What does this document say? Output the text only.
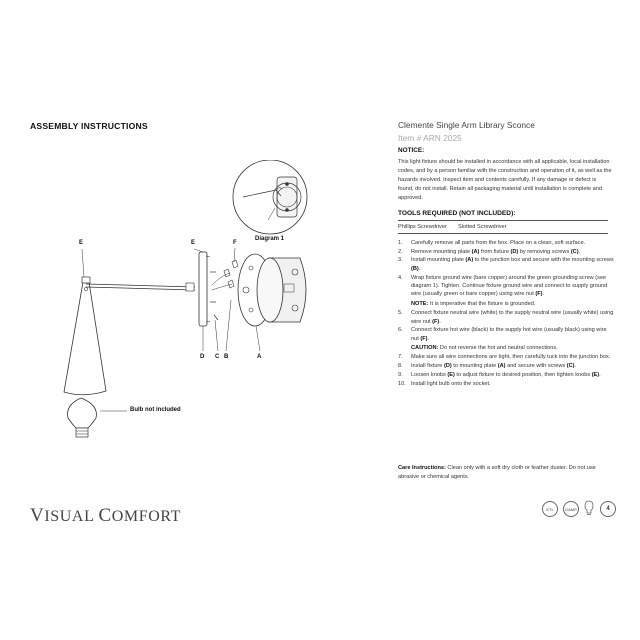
ASSEMBLY INSTRUCTIONS
Diagram 1
E	E	F
D C B	A
Bulb not included
VISUAL COMFORT
Clemente Single Arm Library Sconce
Item # ARN 2025
NOTICE:
This light fixture should be installed in accordance with all applicable, local installation codes, and by a person familiar with the construction and operation of it, as well as the hazards involved. Inspect item and contents carefully. If any damage or defect is found, do not install. Retain all packaging material until installation is complete and approved.
TOOLS REQUIRED (NOT INCLUDED):
Phillips Screwdriver Slotted Screwdriver
1. Carefully remove all parts from the box. Place on a clean, soft surface.
2. Remove mounting plate (A) from fixture (D) by removing screws (C).
3. Install mounting plate (A) to the junction box and secure with the mounting screws (B).
4. Wrap fixture ground wire (bare copper) around the green grounding screw (see diagram 1). Tighten. Continue fixture ground wire and connect to supply ground wire (usually green or bare copper) using wire nut (F).
NOTE: It is imperative that the fixture is grounded.
5. Connect fixture neutral wire (white) to the supply neutral wire (usually white) using wire nut (F).
6. Connect fixture hot wire (black) to the supply hot wire (usually black) using wire nut (F).
CAUTION: Do not reverse the hot and neutral connections.
7. Make sure all wire connections are tight, then carefully tuck into the junction box.
8. Install fixture (D) to mounting plate (A) and secure with screws (C).
9. Loosen knobs (E) to adjust fixture to desired position, then tighten knobs (E).
10. Install light bulb onto the socket.
Care Instructions: Clean only with a soft dry cloth or feather duster. Do not use abrasive or chemical agents.
ETL	DAMP	4
